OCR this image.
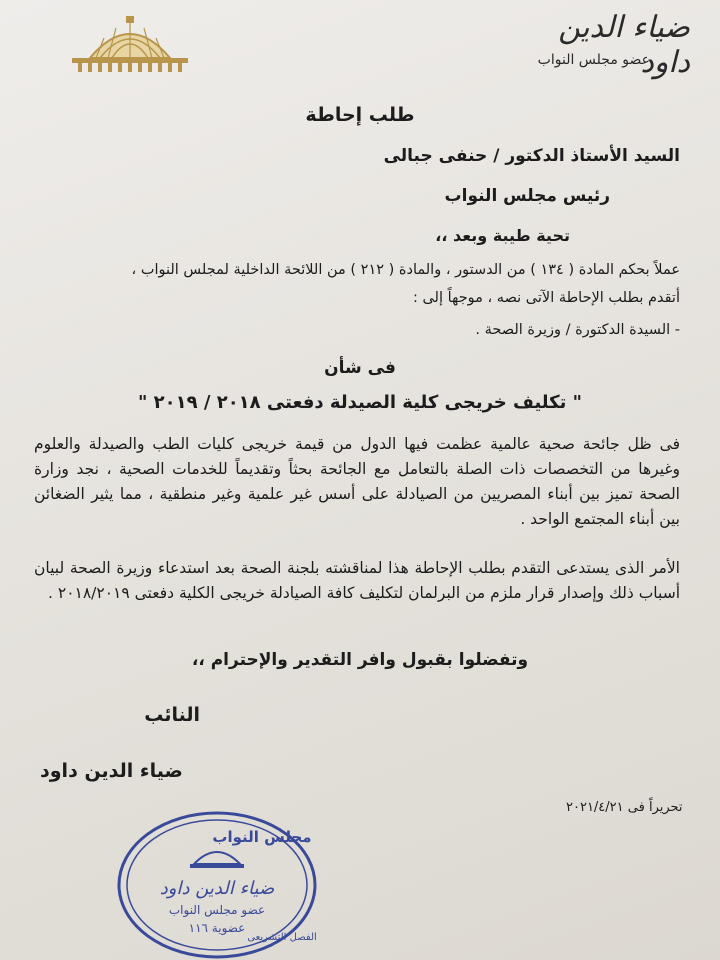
ضياء الدين داود
عضو مجلس النواب
طلب إحاطة
السيد الأستاذ الدكتور / حنفى جبالى
رئيس مجلس النواب
تحية طيبة وبعد ،،
عملاً بحكم المادة ( ١٣٤ ) من الدستور ، والمادة ( ٢١٢ ) من اللائحة الداخلية لمجلس النواب ،
أتقدم بطلب الإحاطة الآتى نصه ، موجهاً إلى :
- السيدة الدكتورة / وزيرة الصحة .
فى شأن
" تكليف خريجى كلية الصيدلة دفعتى ٢٠١٨ / ٢٠١٩ "
فى ظل جائحة صحية عالمية عظمت فيها الدول من قيمة خريجى كليات الطب والصيدلة والعلوم وغيرها من التخصصات ذات الصلة بالتعامل مع الجائحة بحثاً وتقديماً للخدمات الصحية ، نجد وزارة الصحة تميز بين أبناء المصريين من الصيادلة على أسس غير علمية وغير منطقية ، مما يثير الضغائن بين أبناء المجتمع الواحد .
الأمر الذى يستدعى التقدم بطلب الإحاطة هذا لمناقشته بلجنة الصحة بعد استدعاء وزيرة الصحة لبيان أسباب ذلك وإصدار قرار ملزم من البرلمان لتكليف كافة الصيادلة خريجى الكلية دفعتى ٢٠١٨/٢٠١٩ .
وتفضلوا بقبول وافر التقدير والإحترام ،،
النائب
ضياء الدين داود
تحريراً فى ٢٠٢١/٤/٢١
مجلس النواب
ضياء الدين داود
عضو مجلس النواب
عضوية ١١٦
الفصل التشريعى
